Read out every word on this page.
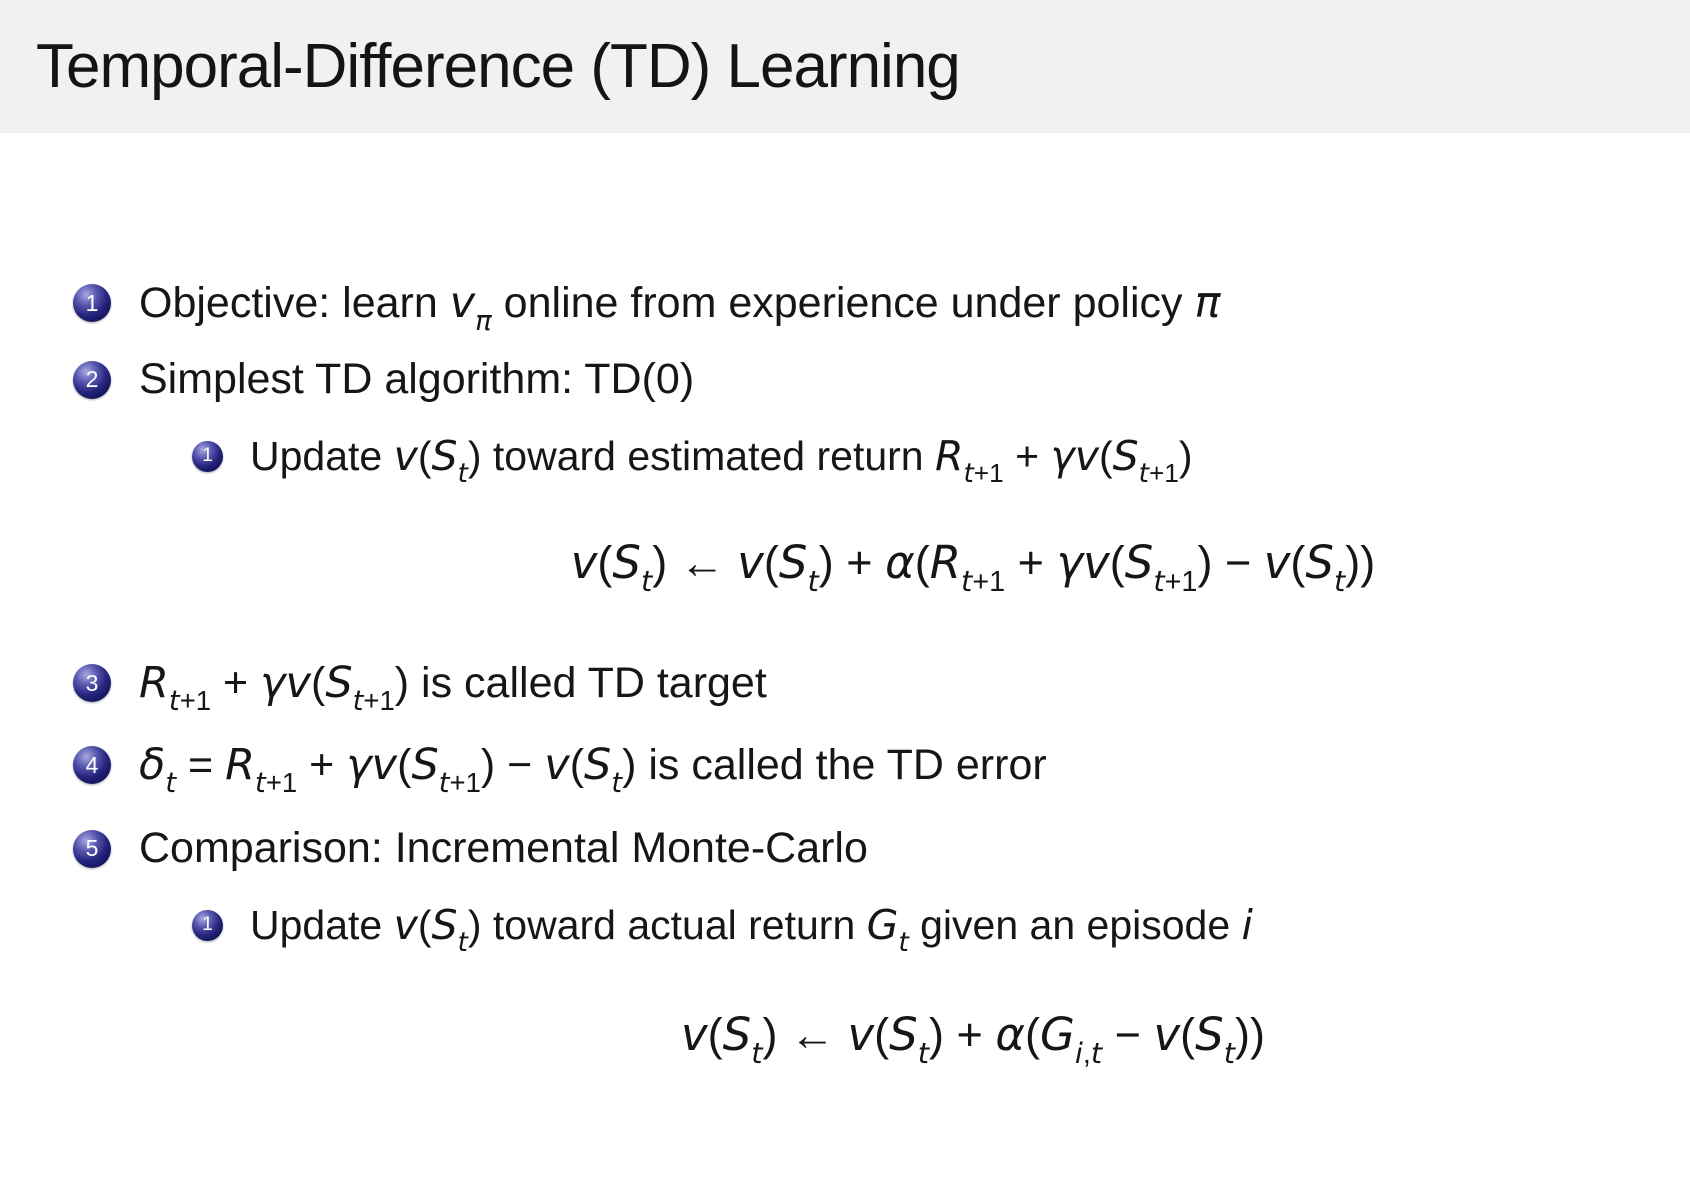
Temporal-Difference (TD) Learning
1 Objective: learn $v_\pi$ online from experience under policy π
2 Simplest TD algorithm: TD(0)
1 Update $v(S_t)$ toward estimated return $R_{t+1} + \gamma v(S_{t+1})$
$v(S_t)$ ← $v(S_t) + \alpha(R_{t+1} + \gamma v(S_{t+1}) - v(S_t))$
3 $R_{t+1} + \gamma v(S_{t+1})$ is called TD target
4 $\delta_t = R_{t+1} + \gamma v(S_{t+1}) - v(S_t)$ is called the TD error
5 Comparison: Incremental Monte-Carlo
1 Update $v(S_t)$ toward actual return $G_t$ given an episode i
$v(S_t)$ ← $v(S_t) + \alpha(G_{i,t} - v(S_t))$
